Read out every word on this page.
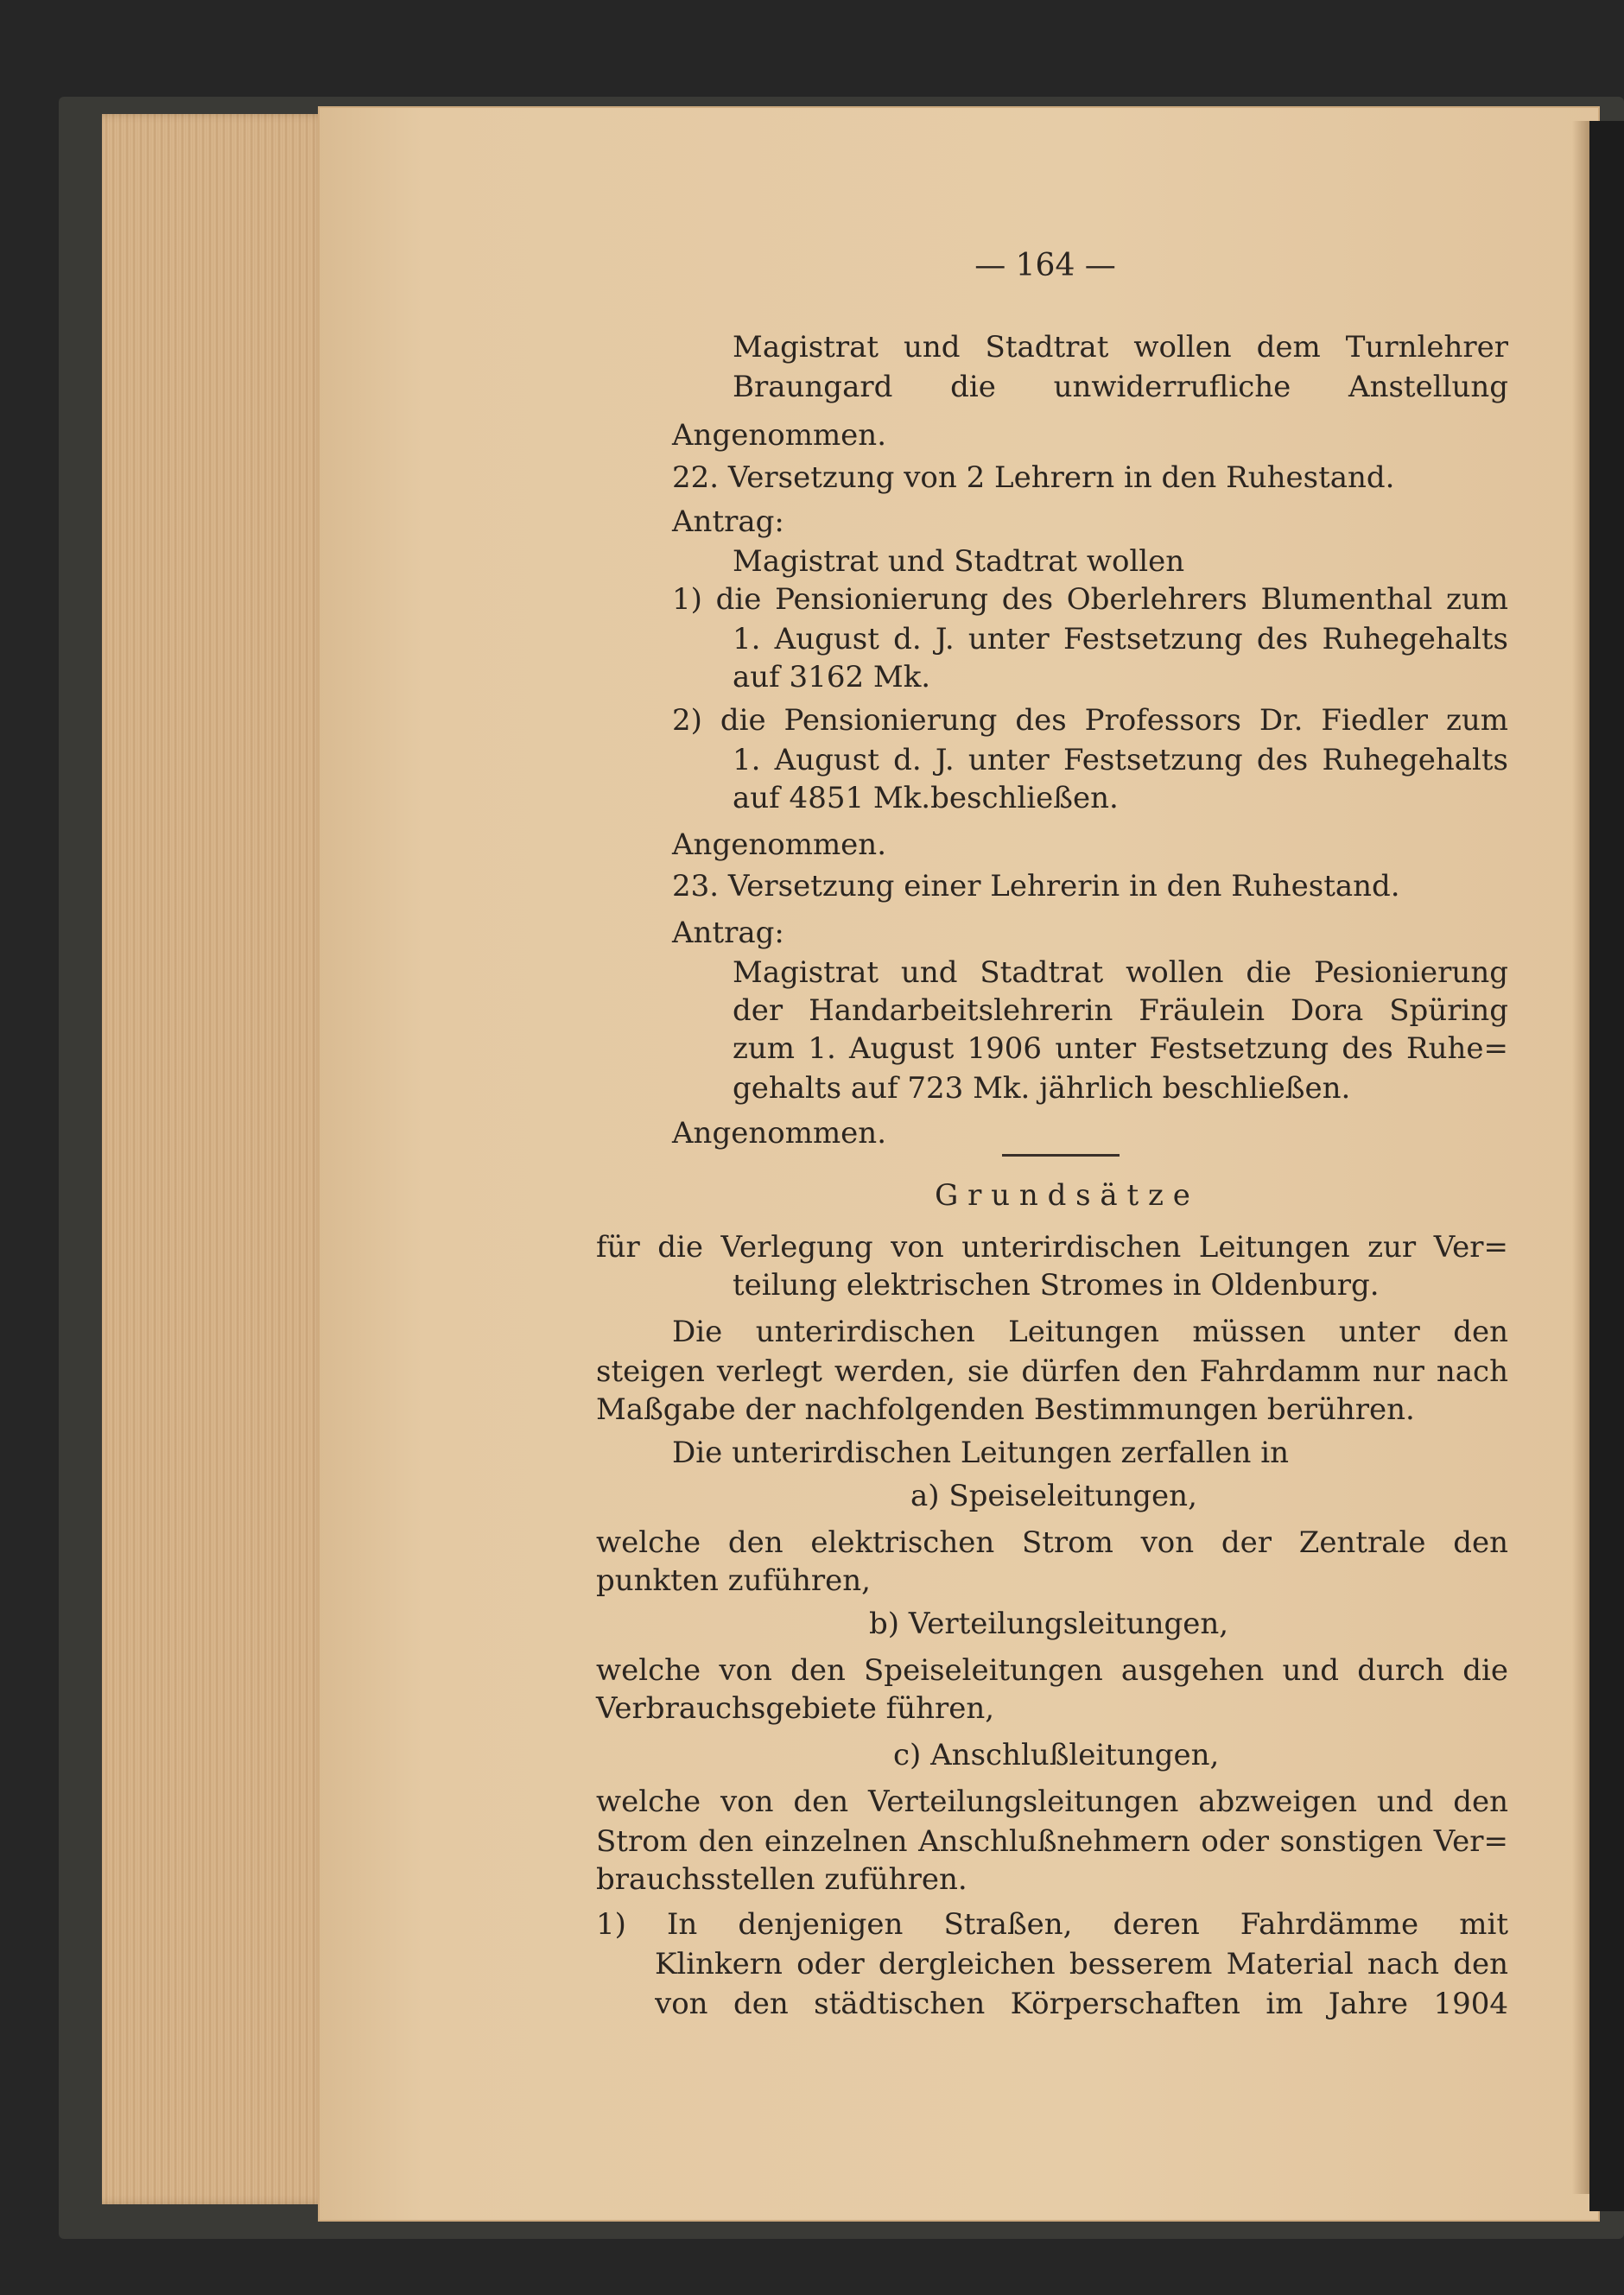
— 164 —
Magistrat und Stadtrat wollen dem Turnlehrer
Braungard die unwiderrufliche Anstellung
Angenommen.
22. Versetzung von 2 Lehrern in den Ruhestand.
Antrag:
Magistrat und Stadtrat wollen
1) die Pensionierung des Oberlehrers Blumenthal zum
1. August d. J. unter Festsetzung des Ruhegehalts
auf 3162 Mk.
2) die Pensionierung des Professors Dr. Fiedler zum
1. August d. J. unter Festsetzung des Ruhegehalts
auf 4851 Mk.beschließen.
Angenommen.
23. Versetzung einer Lehrerin in den Ruhestand.
Antrag:
Magistrat und Stadtrat wollen die Pesionierung
der Handarbeitslehrerin Fräulein Dora Spüring
zum 1. August 1906 unter Festsetzung des Ruhe=
gehalts auf 723 Mk. jährlich beschließen.
Angenommen.
G r u n d s ä t z e
für die Verlegung von unterirdischen Leitungen zur Ver=
teilung elektrischen Stromes in Oldenburg.
Die unterirdischen Leitungen müssen unter den
steigen verlegt werden, sie dürfen den Fahrdamm nur nach
Maßgabe der nachfolgenden Bestimmungen berühren.
Die unterirdischen Leitungen zerfallen in
a) Speiseleitungen,
welche den elektrischen Strom von der Zentrale den
punkten zuführen,
b) Verteilungsleitungen,
welche von den Speiseleitungen ausgehen und durch die
Verbrauchsgebiete führen,
c) Anschlußleitungen,
welche von den Verteilungsleitungen abzweigen und den
Strom den einzelnen Anschlußnehmern oder sonstigen Ver=
brauchsstellen zuführen.
1) In denjenigen Straßen, deren Fahrdämme mit
Klinkern oder dergleichen besserem Material nach den
von den städtischen Körperschaften im Jahre 1904
